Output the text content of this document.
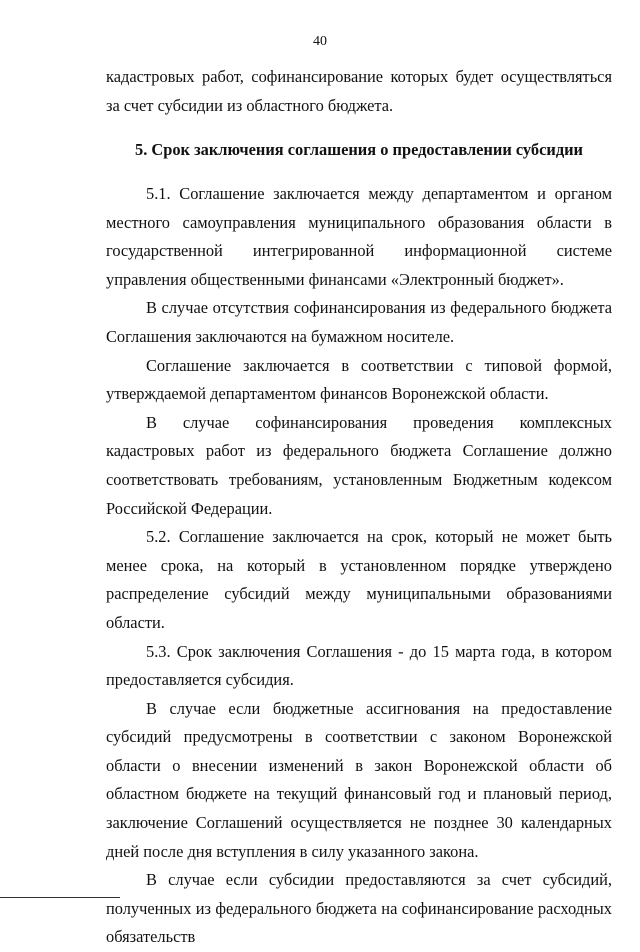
40

кадастровых работ, софинансирование которых будет осуществляться за счет субсидии из областного бюджета.

5. Срок заключения соглашения о предоставлении субсидии

5.1. Соглашение заключается между департаментом и органом местного самоуправления муниципального образования области в государственной интегрированной информационной системе управления общественными финансами «Электронный бюджет».

В случае отсутствия софинансирования из федерального бюджета Соглашения заключаются на бумажном носителе.

Соглашение заключается в соответствии с типовой формой, утверждаемой департаментом финансов Воронежской области.

В случае софинансирования проведения комплексных кадастровых работ из федерального бюджета Соглашение должно соответствовать требованиям, установленным Бюджетным кодексом Российской Федерации.

5.2. Соглашение заключается на срок, который не может быть менее срока, на который в установленном порядке утверждено распределение субсидий между муниципальными образованиями области.

5.3. Срок заключения Соглашения - до 15 марта года, в котором предоставляется субсидия.

В случае если бюджетные ассигнования на предоставление субсидий предусмотрены в соответствии с законом Воронежской области о внесении изменений в закон Воронежской области об областном бюджете на текущий финансовый год и плановый период, заключение Соглашений осуществляется не позднее 30 календарных дней после дня вступления в силу указанного закона.

В случае если субсидии предоставляются за счет субсидий, полученных из федерального бюджета на софинансирование расходных обязательств
